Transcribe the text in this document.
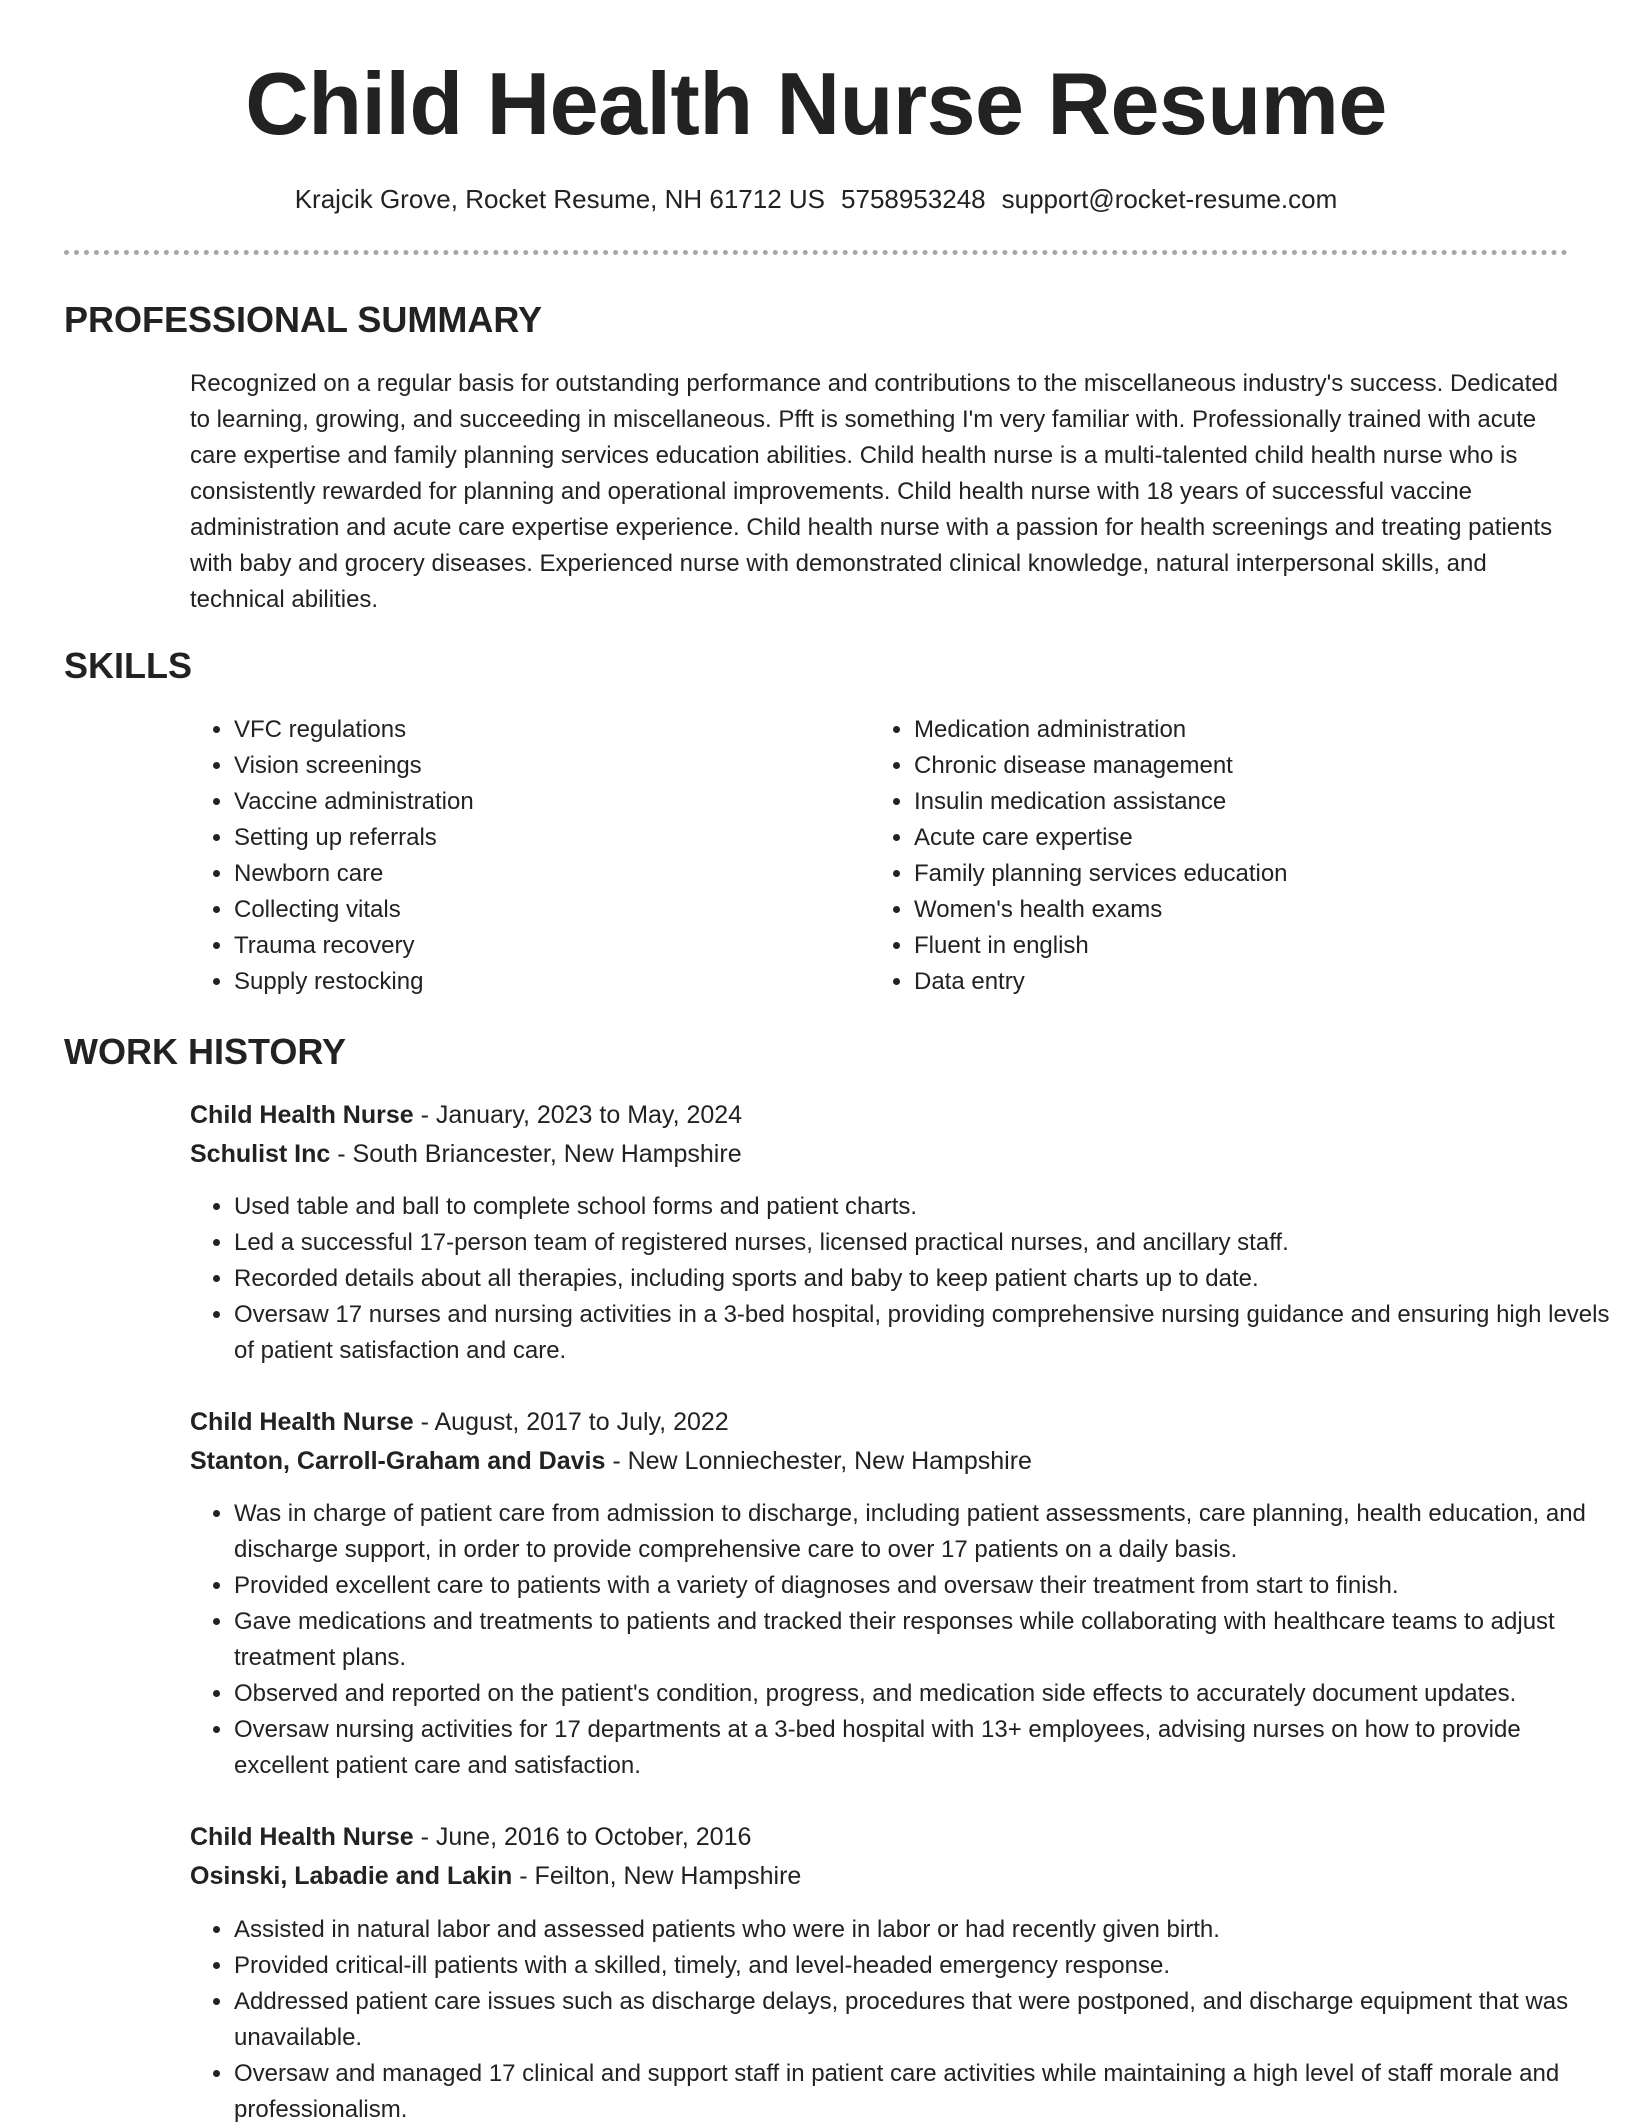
Child Health Nurse Resume
Krajcik Grove, Rocket Resume, NH 61712 US 5758953248 support@rocket-resume.com
PROFESSIONAL SUMMARY
Recognized on a regular basis for outstanding performance and contributions to the miscellaneous industry's success. Dedicated to learning, growing, and succeeding in miscellaneous. Pfft is something I'm very familiar with. Professionally trained with acute care expertise and family planning services education abilities. Child health nurse is a multi-talented child health nurse who is consistently rewarded for planning and operational improvements. Child health nurse with 18 years of successful vaccine administration and acute care expertise experience. Child health nurse with a passion for health screenings and treating patients with baby and grocery diseases. Experienced nurse with demonstrated clinical knowledge, natural interpersonal skills, and technical abilities.
SKILLS
• VFC regulations
• Vision screenings
• Vaccine administration
• Setting up referrals
• Newborn care
• Collecting vitals
• Trauma recovery
• Supply restocking
• Medication administration
• Chronic disease management
• Insulin medication assistance
• Acute care expertise
• Family planning services education
• Women's health exams
• Fluent in english
• Data entry
WORK HISTORY
Child Health Nurse - January, 2023 to May, 2024
Schulist Inc - South Briancester, New Hampshire
• Used table and ball to complete school forms and patient charts.
• Led a successful 17-person team of registered nurses, licensed practical nurses, and ancillary staff.
• Recorded details about all therapies, including sports and baby to keep patient charts up to date.
• Oversaw 17 nurses and nursing activities in a 3-bed hospital, providing comprehensive nursing guidance and ensuring high levels of patient satisfaction and care.
Child Health Nurse - August, 2017 to July, 2022
Stanton, Carroll-Graham and Davis - New Lonniechester, New Hampshire
• Was in charge of patient care from admission to discharge, including patient assessments, care planning, health education, and discharge support, in order to provide comprehensive care to over 17 patients on a daily basis.
• Provided excellent care to patients with a variety of diagnoses and oversaw their treatment from start to finish.
• Gave medications and treatments to patients and tracked their responses while collaborating with healthcare teams to adjust treatment plans.
• Observed and reported on the patient's condition, progress, and medication side effects to accurately document updates.
• Oversaw nursing activities for 17 departments at a 3-bed hospital with 13+ employees, advising nurses on how to provide excellent patient care and satisfaction.
Child Health Nurse - June, 2016 to October, 2016
Osinski, Labadie and Lakin - Feilton, New Hampshire
• Assisted in natural labor and assessed patients who were in labor or had recently given birth.
• Provided critical-ill patients with a skilled, timely, and level-headed emergency response.
• Addressed patient care issues such as discharge delays, procedures that were postponed, and discharge equipment that was unavailable.
• Oversaw and managed 17 clinical and support staff in patient care activities while maintaining a high level of staff morale and professionalism.
